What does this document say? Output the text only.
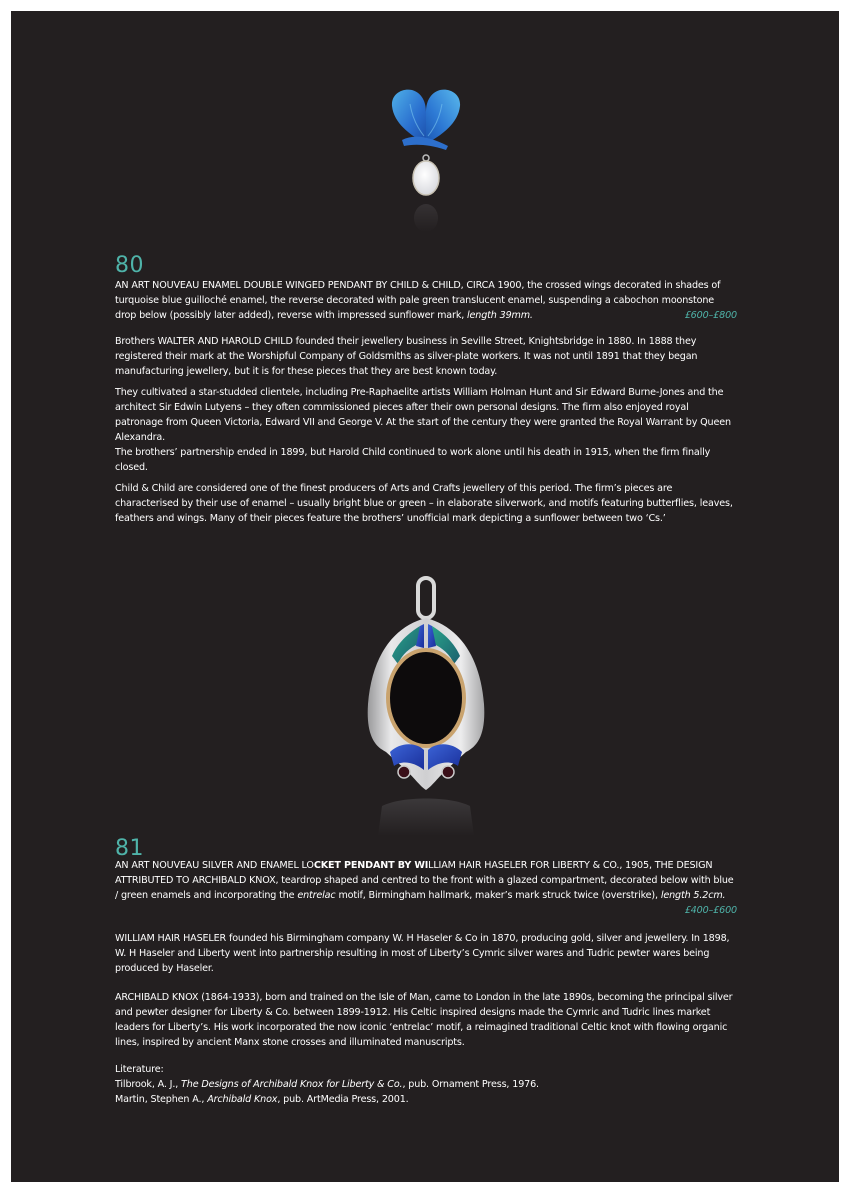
80

AN ART NOUVEAU ENAMEL DOUBLE WINGED PENDANT BY CHILD & CHILD, CIRCA 1900, the crossed wings decorated in shades of turquoise blue guilloché enamel, the reverse decorated with pale green translucent enamel, suspending a cabochon moonstone drop below (possibly later added), reverse with impressed sunflower mark, length 39mm.	£600–£800

Brothers WALTER AND HAROLD CHILD founded their jewellery business in Seville Street, Knightsbridge in 1880. In 1888 they registered their mark at the Worshipful Company of Goldsmiths as silver-plate workers. It was not until 1891 that they began manufacturing jewellery, but it is for these pieces that they are best known today.

They cultivated a star-studded clientele, including Pre-Raphaelite artists William Holman Hunt and Sir Edward Burne-Jones and the architect Sir Edwin Lutyens – they often commissioned pieces after their own personal designs. The firm also enjoyed royal patronage from Queen Victoria, Edward VII and George V. At the start of the century they were granted the Royal Warrant by Queen Alexandra.

The brothers’ partnership ended in 1899, but Harold Child continued to work alone until his death in 1915, when the firm finally closed.

Child & Child are considered one of the finest producers of Arts and Crafts jewellery of this period. The firm’s pieces are characterised by their use of enamel – usually bright blue or green – in elaborate silverwork, and motifs featuring butterflies, leaves, feathers and wings. Many of their pieces feature the brothers’ unofficial mark depicting a sunflower between two ‘Cs.’

81

AN ART NOUVEAU SILVER AND ENAMEL LOCKET PENDANT BY WILLIAM HAIR HASELER FOR LIBERTY & CO., 1905, THE DESIGN ATTRIBUTED TO ARCHIBALD KNOX, teardrop shaped and centred to the front with a glazed compartment, decorated below with blue / green enamels and incorporating the entrelac motif, Birmingham hallmark, maker’s mark struck twice (overstrike), length 5.2cm.
£400–£600

WILLIAM HAIR HASELER founded his Birmingham company W. H Haseler & Co in 1870, producing gold, silver and jewellery. In 1898, W. H Haseler and Liberty went into partnership resulting in most of Liberty’s Cymric silver wares and Tudric pewter wares being produced by Haseler.

ARCHIBALD KNOX (1864-1933), born and trained on the Isle of Man, came to London in the late 1890s, becoming the principal silver and pewter designer for Liberty & Co. between 1899-1912. His Celtic inspired designs made the Cymric and Tudric lines market leaders for Liberty’s. His work incorporated the now iconic ‘entrelac’ motif, a reimagined traditional Celtic knot with flowing organic lines, inspired by ancient Manx stone crosses and illuminated manuscripts.

Literature:

Tilbrook, A. J., The Designs of Archibald Knox for Liberty & Co., pub. Ornament Press, 1976.

Martin, Stephen A., Archibald Knox, pub. ArtMedia Press, 2001.
